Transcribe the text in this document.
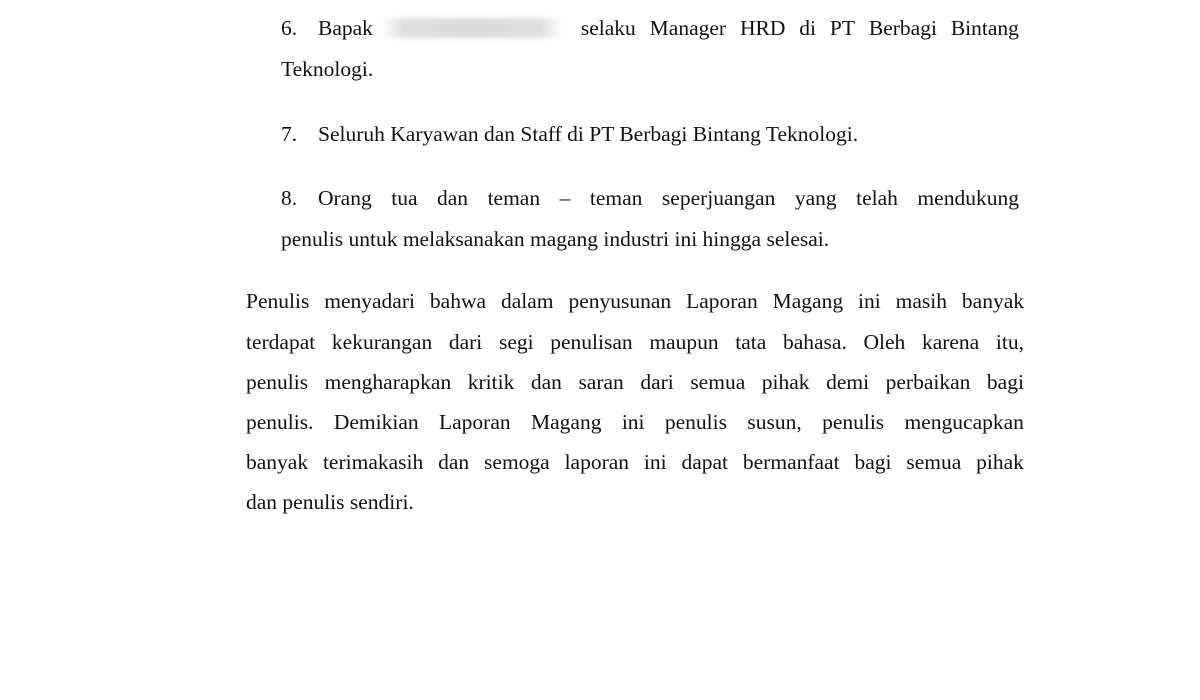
6. Bapak	selaku Manager HRD di PT Berbagi Bintang
Teknologi.
7. Seluruh Karyawan dan Staff di PT Berbagi Bintang Teknologi.
8. Orang tua dan teman – teman seperjuangan yang telah mendukung
penulis untuk melaksanakan magang industri ini hingga selesai.
Penulis menyadari bahwa dalam penyusunan Laporan Magang ini masih banyak
terdapat kekurangan dari segi penulisan maupun tata bahasa. Oleh karena itu,
penulis mengharapkan kritik dan saran dari semua pihak demi perbaikan bagi
penulis. Demikian Laporan Magang ini penulis susun, penulis mengucapkan
banyak terimakasih dan semoga laporan ini dapat bermanfaat bagi semua pihak
dan penulis sendiri.
